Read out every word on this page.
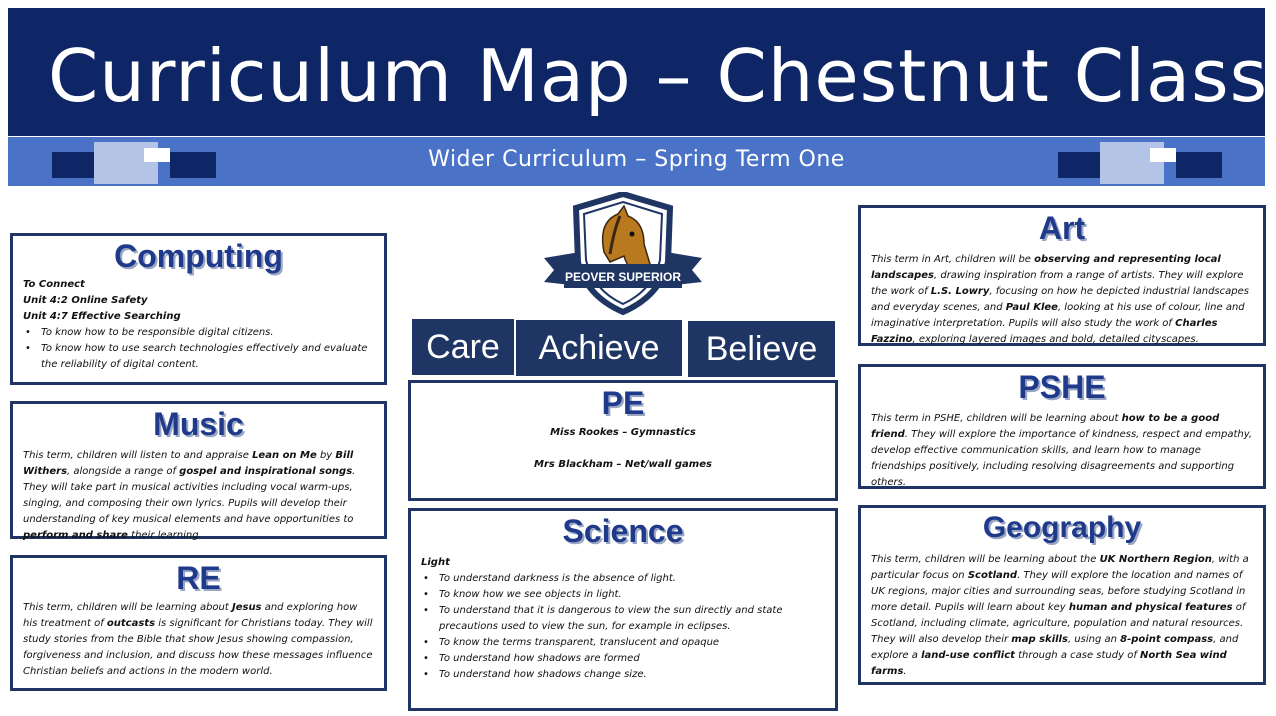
Curriculum Map – Chestnut Class
Wider Curriculum – Spring Term One
Computing
To Connect
Unit 4:2 Online Safety
Unit 4:7 Effective Searching
• To know how to be responsible digital citizens.
• To know how to use search technologies effectively and evaluate the reliability of digital content.
Music
This term, children will listen to and appraise Lean on Me by Bill Withers, alongside a range of gospel and inspirational songs. They will take part in musical activities including vocal warm-ups, singing, and composing their own lyrics. Pupils will develop their understanding of key musical elements and have opportunities to perform and share their learning.
RE
This term, children will be learning about Jesus and exploring how his treatment of outcasts is significant for Christians today. They will study stories from the Bible that show Jesus showing compassion, forgiveness and inclusion, and discuss how these messages influence Christian beliefs and actions in the modern world.
PEOVER SUPERIOR
Care	Achieve	Believe
PE
Miss Rookes – Gymnastics
Mrs Blackham – Net/wall games
Science
Light
• To understand darkness is the absence of light.
• To know how we see objects in light.
• To understand that it is dangerous to view the sun directly and state precautions used to view the sun, for example in eclipses.
• To know the terms transparent, translucent and opaque
• To understand how shadows are formed
• To understand how shadows change size.
Art
This term in Art, children will be observing and representing local landscapes, drawing inspiration from a range of artists. They will explore the work of L.S. Lowry, focusing on how he depicted industrial landscapes and everyday scenes, and Paul Klee, looking at his use of colour, line and imaginative interpretation. Pupils will also study the work of Charles Fazzino, exploring layered images and bold, detailed cityscapes.
PSHE
This term in PSHE, children will be learning about how to be a good friend. They will explore the importance of kindness, respect and empathy, develop effective communication skills, and learn how to manage friendships positively, including resolving disagreements and supporting others.
Geography
This term, children will be learning about the UK Northern Region, with a particular focus on Scotland. They will explore the location and names of UK regions, major cities and surrounding seas, before studying Scotland in more detail. Pupils will learn about key human and physical features of Scotland, including climate, agriculture, population and natural resources. They will also develop their map skills, using an 8-point compass, and explore a land-use conflict through a case study of North Sea wind farms.
